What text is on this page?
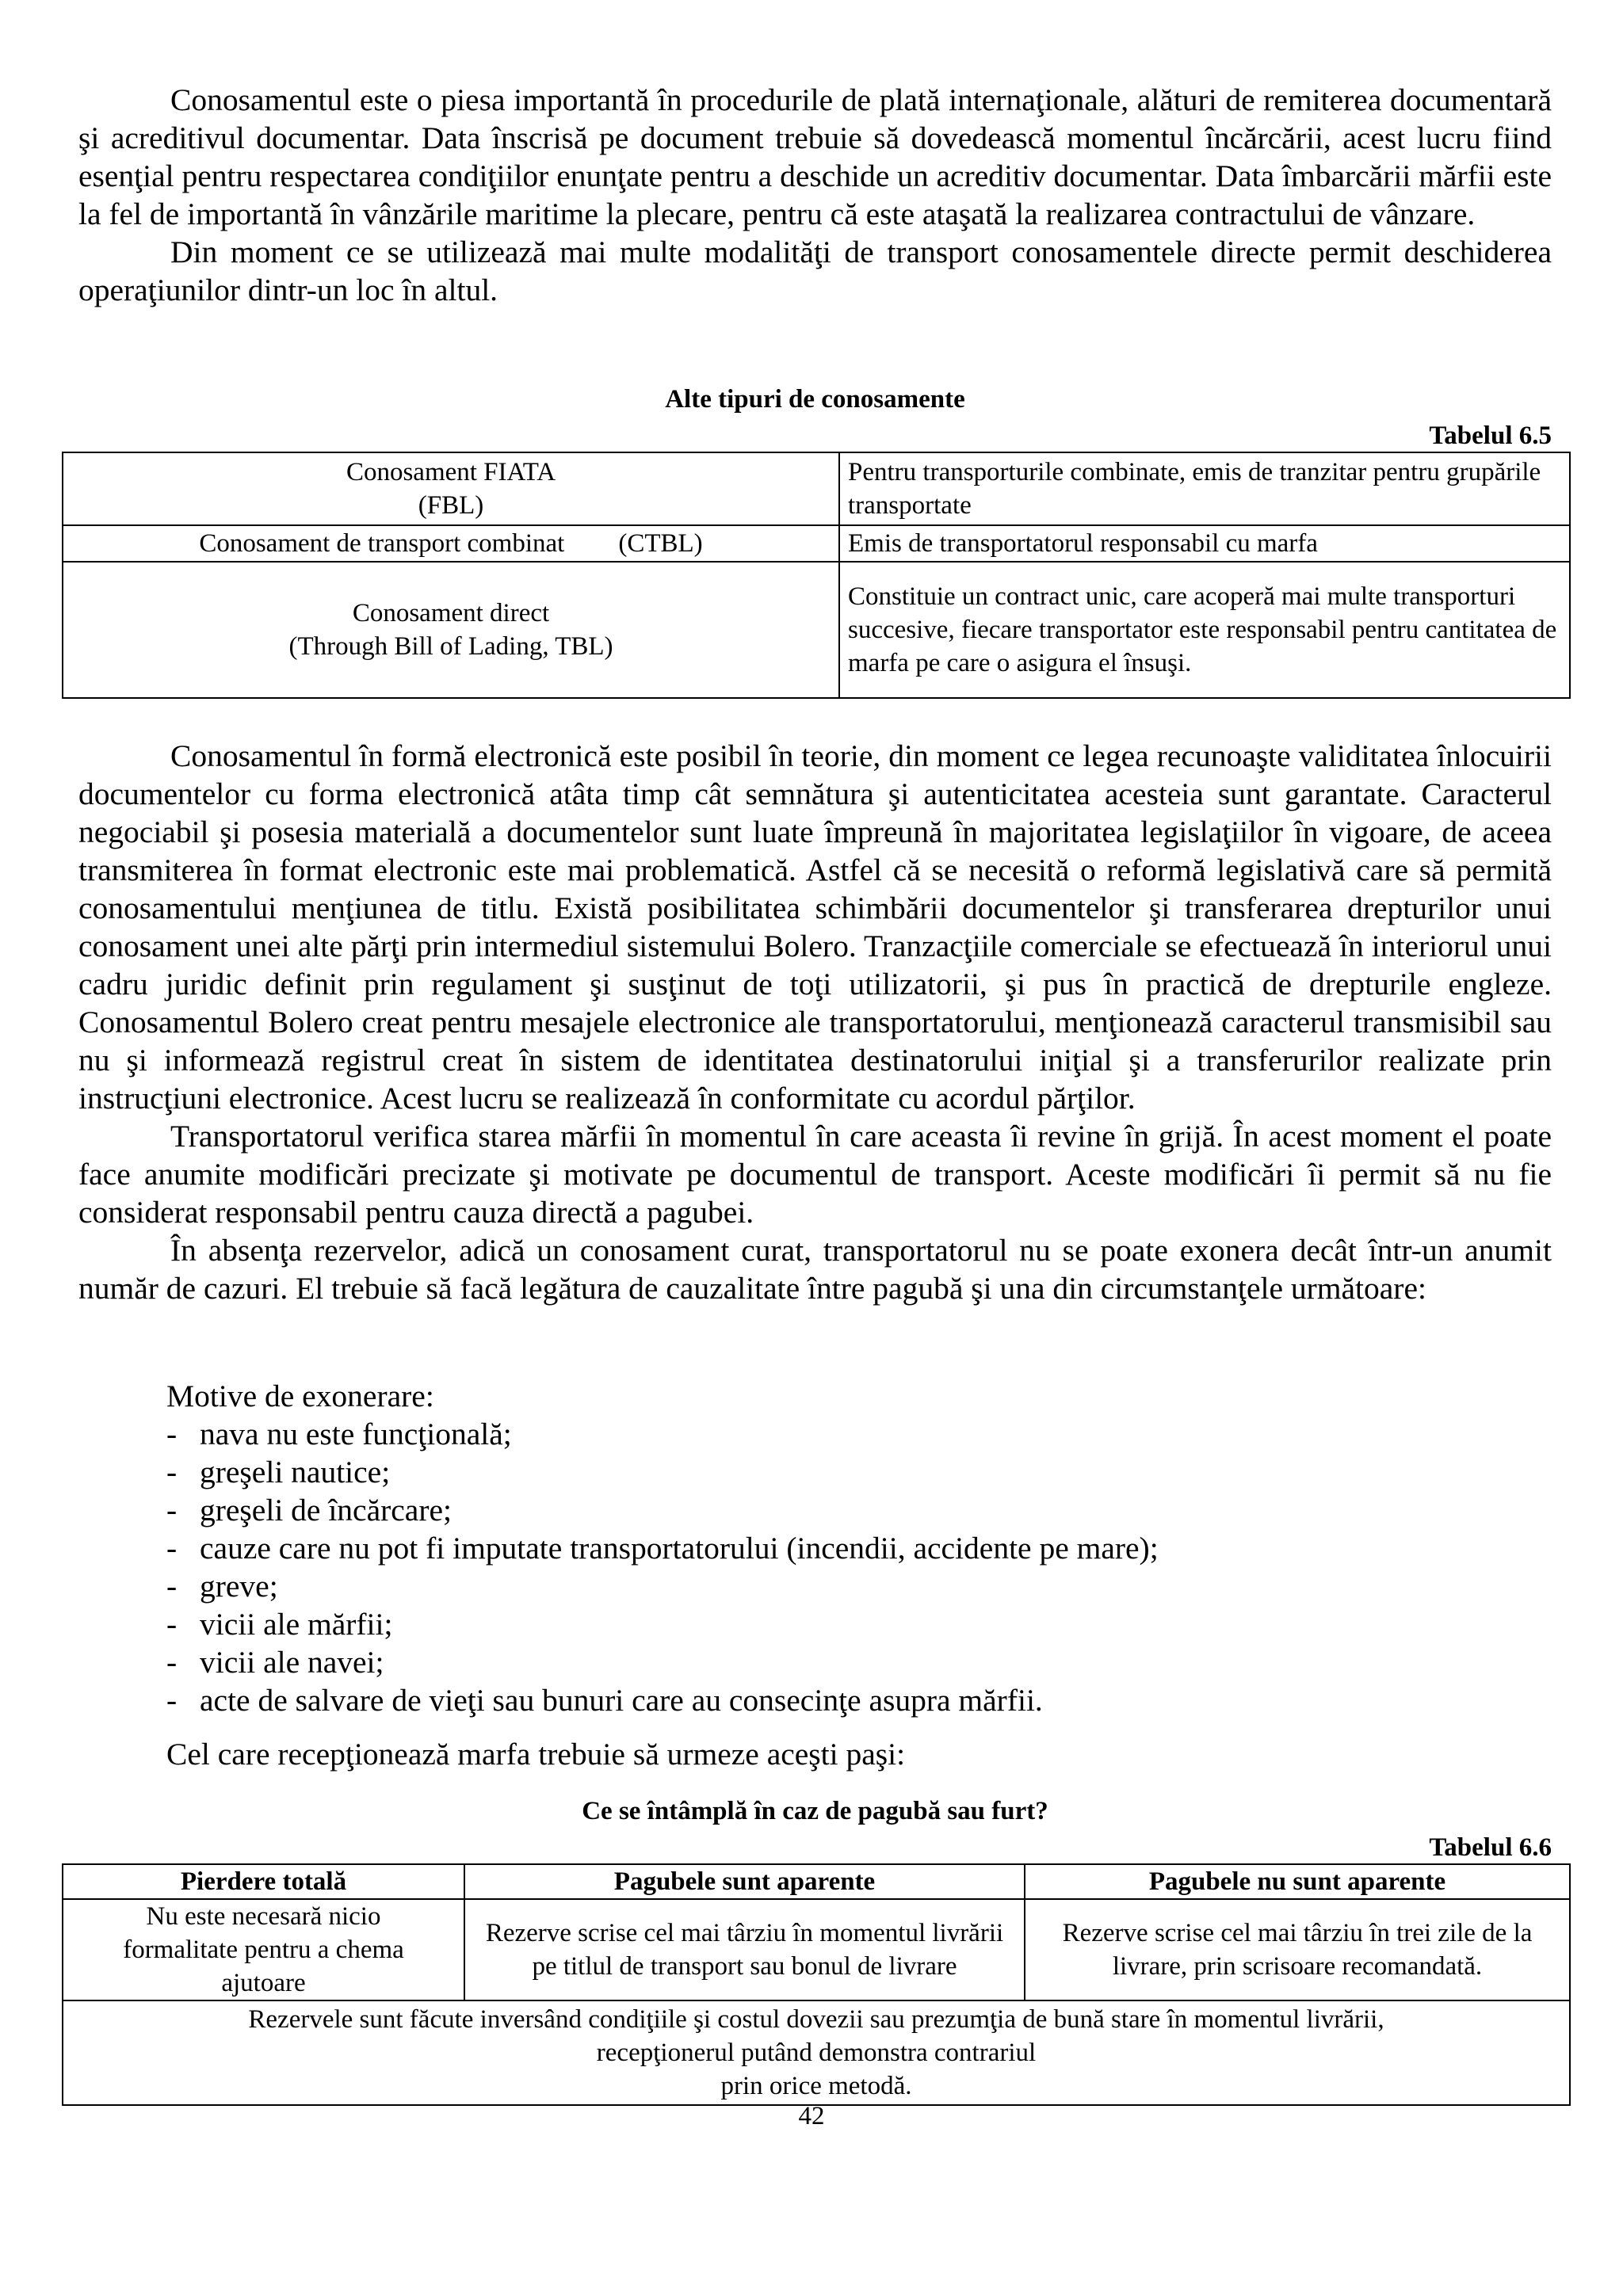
Conosamentul este o piesa importantă în procedurile de plată internaţionale, alături de remiterea documentară şi acreditivul documentar. Data înscrisă pe document trebuie să dovedească momentul încărcării, acest lucru fiind esenţial pentru respectarea condiţiilor enunţate pentru a deschide un acreditiv documentar. Data îmbarcării mărfii este la fel de importantă în vânzările maritime la plecare, pentru că este ataşată la realizarea contractului de vânzare.

Din moment ce se utilizează mai multe modalităţi de transport conosamentele directe permit deschiderea operaţiunilor dintr-un loc în altul.

Alte tipuri de conosamente

Tabelul 6.5

Conosament FIATA
(FBL)	Pentru transporturile combinate, emis de tranzitar pentru grupările transportate
Conosament de transport combinat (CTBL)	Emis de transportatorul responsabil cu marfa

Conosament direct
(Through Bill of Lading, TBL)	Constituie un contract unic, care acoperă mai multe transporturi succesive, fiecare transportator este responsabil pentru cantitatea de marfa pe care o asigura el însuşi.

Conosamentul în formă electronică este posibil în teorie, din moment ce legea recunoaşte validitatea înlocuirii documentelor cu forma electronică atâta timp cât semnătura şi autenticitatea acesteia sunt garantate. Caracterul negociabil şi posesia materială a documentelor sunt luate împreună în majoritatea legislaţiilor în vigoare, de aceea transmiterea în format electronic este mai problematică. Astfel că se necesită o reformă legislativă care să permită conosamentului menţiunea de titlu. Există posibilitatea schimbării documentelor şi transferarea drepturilor unui conosament unei alte părţi prin intermediul sistemului Bolero. Tranzacţiile comerciale se efectuează în interiorul unui cadru juridic definit prin regulament şi susţinut de toţi utilizatorii, şi pus în practică de drepturile engleze. Conosamentul Bolero creat pentru mesajele electronice ale transportatorului, menţionează caracterul transmisibil sau nu şi informează registrul creat în sistem de identitatea destinatorului iniţial şi a transferurilor realizate prin instrucţiuni electronice. Acest lucru se realizează în conformitate cu acordul părţilor.

Transportatorul verifica starea mărfii în momentul în care aceasta îi revine în grijă. În acest moment el poate face anumite modificări precizate şi motivate pe documentul de transport. Aceste modificări îi permit să nu fie considerat responsabil pentru cauza directă a pagubei.

În absenţa rezervelor, adică un conosament curat, transportatorul nu se poate exonera decât într-un anumit număr de cazuri. El trebuie să facă legătura de cauzalitate între pagubă şi una din circumstanţele următoare:

Motive de exonerare:
- nava nu este funcţională;
- greşeli nautice;
- greşeli de încărcare;
- cauze care nu pot fi imputate transportatorului (incendii, accidente pe mare);
- greve;
- vicii ale mărfii;
- vicii ale navei;
- acte de salvare de vieţi sau bunuri care au consecinţe asupra mărfii.
Cel care recepţionează marfa trebuie să urmeze aceşti paşi:

Ce se întâmplă în caz de pagubă sau furt?

Tabelul 6.6

Pierdere totală	Pagubele sunt aparente	Pagubele nu sunt aparente
Nu este necesară nicio formalitate pentru a chema ajutoare	Rezerve scrise cel mai târziu în momentul livrării pe titlul de transport sau bonul de livrare	Rezerve scrise cel mai târziu în trei zile de la livrare, prin scrisoare recomandată.

Rezervele sunt făcute inversând condiţiile şi costul dovezii sau prezumţia de bună stare în momentul livrării,
recepţionerul putând demonstra contrariul
prin orice metodă.		
42
